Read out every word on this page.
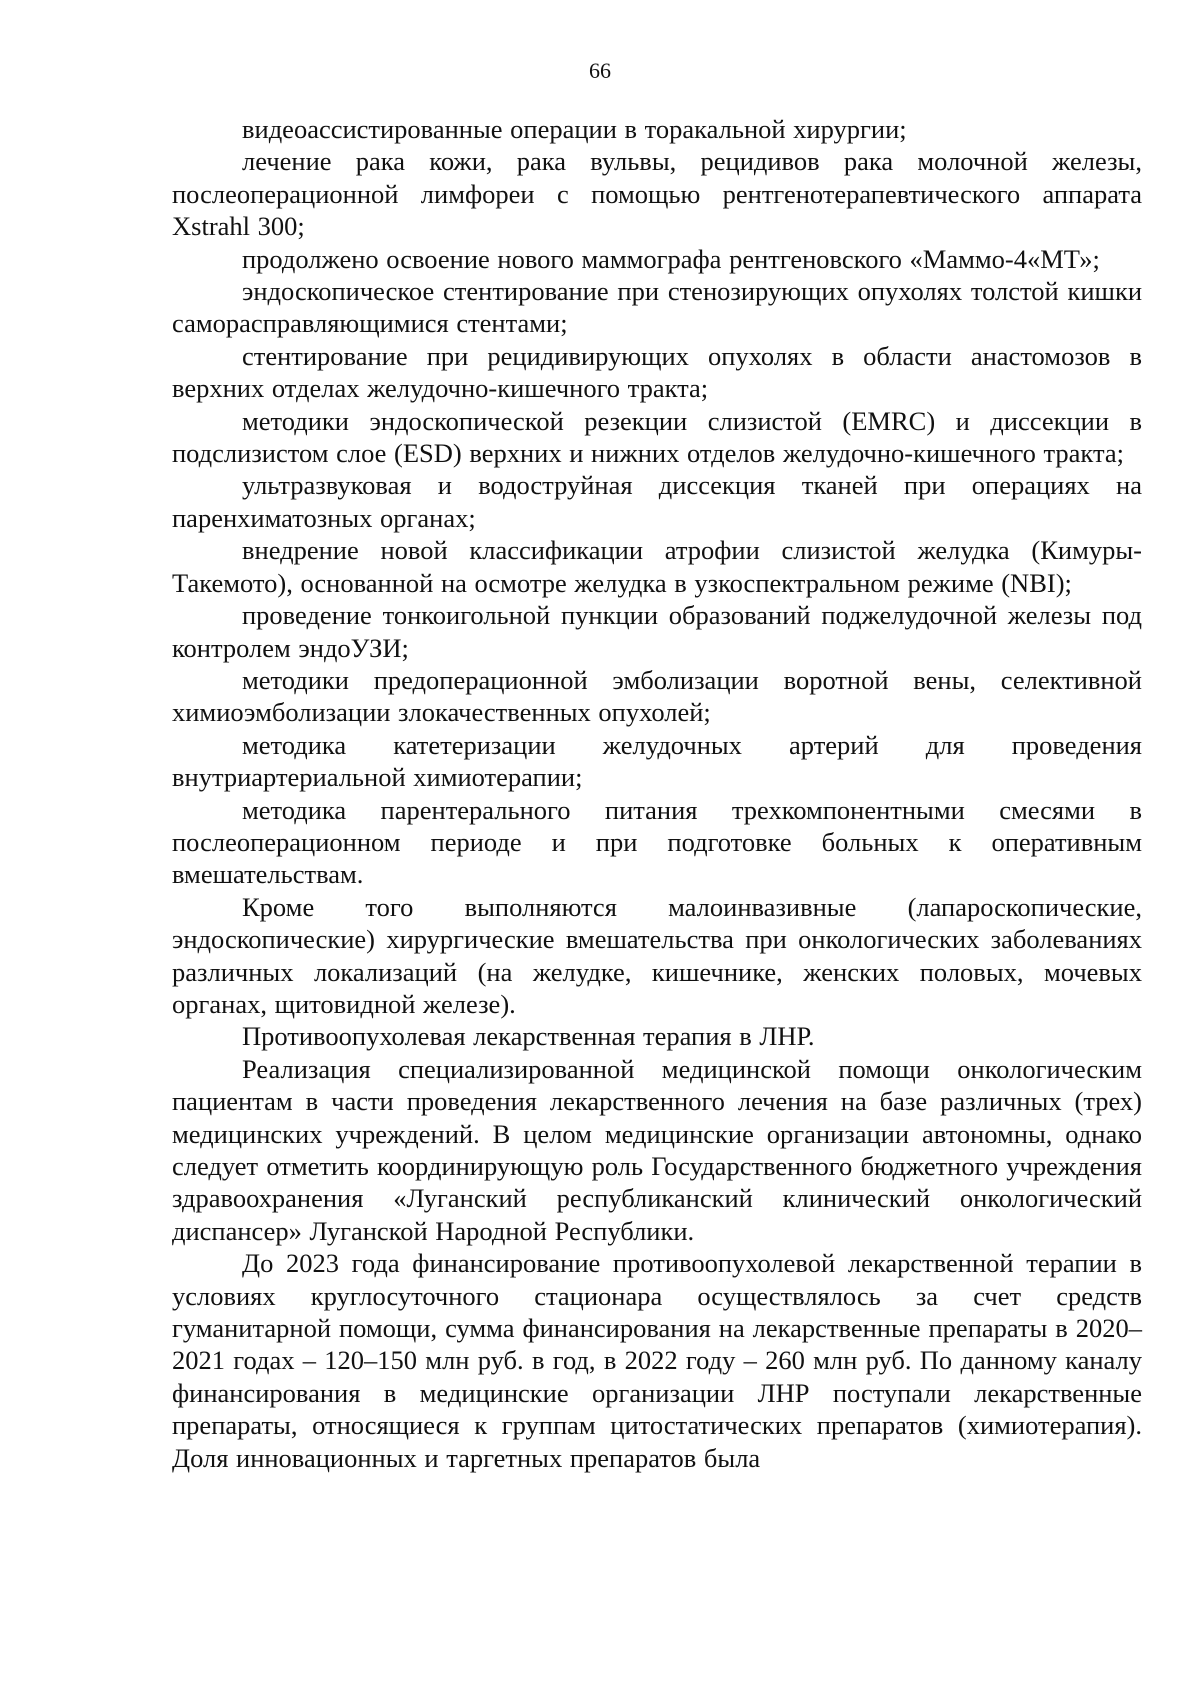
66

видеоассистированные операции в торакальной хирургии;

лечение рака кожи, рака вульвы, рецидивов рака молочной железы, послеоперационной лимфореи с помощью рентгенотерапевтического аппарата Xstrahl 300;

продолжено освоение нового маммографа рентгеновского «Маммо-4«МТ»;

эндоскопическое стентирование при стенозирующих опухолях толстой кишки самораспрaвляющимися стентами;

стентирование при рецидивирующих опухолях в области анастомозов в верхних отделах желудочно-кишечного тракта;

методики эндоскопической резекции слизистой (EMRC) и диссекции в подслизистом слое (ESD) верхних и нижних отделов желудочно-кишечного тракта;

ультразвуковая и водоструйная диссекция тканей при операциях на паренхиматозных органах;

внедрение новой классификации атрофии слизистой желудка (Кимуры-Такемото), основанной на осмотре желудка в узкоспектральном режиме (NBI);

проведение тонкоигольной пункции образований поджелудочной железы под контролем эндоУЗИ;

методики предоперационной эмболизации воротной вены, селективной химиоэмболизации злокачественных опухолей;

методика катетеризации желудочных артерий для проведения внутриартериальной химиотерапии;

методика парентерального питания трехкомпонентными смесями в послеоперационном периоде и при подготовке больных к оперативным вмешательствам.

Кроме того выполняются малоинвазивные (лапароскопические, эндоскопические) хирургические вмешательства при онкологических заболеваниях различных локализаций (на желудке, кишечнике, женских половых, мочевых органах, щитовидной железе).

Противоопухолевая лекарственная терапия в ЛНР.

Реализация специализированной медицинской помощи онкологическим пациентам в части проведения лекарственного лечения на базе различных (трех) медицинских учреждений. В целом медицинские организации автономны, однако следует отметить координирующую роль Государственного бюджетного учреждения здравоохранения «Луганский республиканский клинический онкологический диспансер» Луганской Народной Республики.

До 2023 года финансирование противоопухолевой лекарственной терапии в условиях круглосуточного стационара осуществлялось за счет средств гуманитарной помощи, сумма финансирования на лекарственные препараты в 2020–2021 годах – 120–150 млн руб. в год, в 2022 году – 260 млн руб. По данному каналу финансирования в медицинские организации ЛНР поступали лекарственные препараты, относящиеся к группам цитостатических препаратов (химиотерапия). Доля инновационных и таргетных препаратов была
